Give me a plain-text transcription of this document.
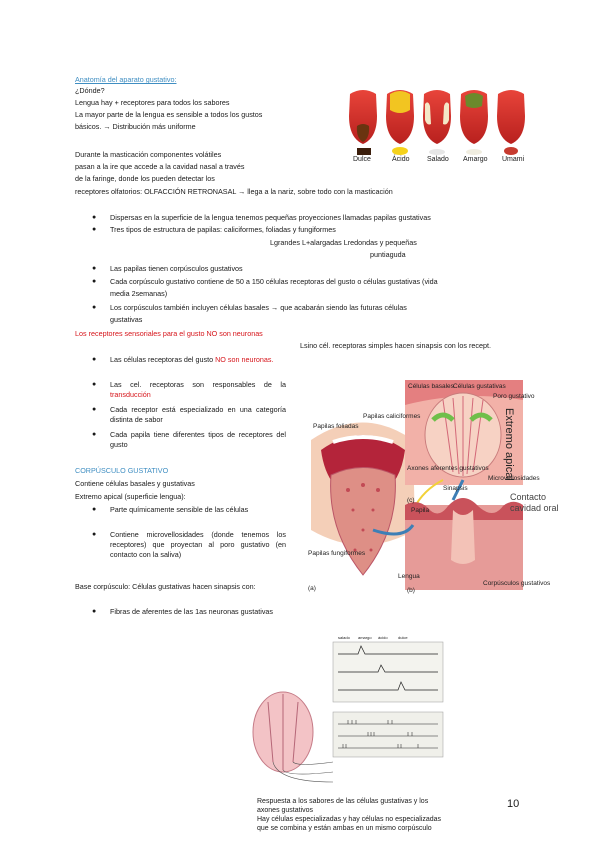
Anatomía del aparato gustativo:
¿Dónde?
Lengua hay + receptores para todos los sabores
La mayor parte de la lengua es sensible a todos los gustos
básicos. → Distribución más uniforme
Durante la masticación componentes volátiles
pasan a la ire que accede a la cavidad nasal a través
de la faringe, donde los pueden detectar los
receptores olfatorios: OLFACCIÓN RETRONASAL → llega a la nariz, sobre todo con la masticación
Dulce	Ácido Salado Amargo Umami
● Dispersas en la superficie de la lengua tenemos pequeñas proyecciones llamadas papilas gustativas
● Tres tipos de estructura de papilas: caliciformes, foliadas y fungiformes
Lgrandes L+alargadas Lredondas y pequeñas
puntiaguda
● Las papilas tienen corpúsculos gustativos
● Cada corpúsculo gustativo contiene de 50 a 150 células receptoras del gusto o células gustativas (vida
media 2semanas)
● Los corpúsculos también incluyen células basales → que acabarán siendo las futuras células
gustativas
Los receptores sensoriales para el gusto NO son neuronas
Lsino cél. receptoras simples hacen sinapsis con los recept.
● Las células receptoras del gusto NO son neuronas.
● Las cel. receptoras son responsables de la transducción
● Cada receptor está especializado en una categoría distinta de sabor
● Cada papila tiene diferentes tipos de receptores del gusto
CORPÚSCULO GUSTATIVO
Contiene células basales y gustativas
Extremo apical (superficie lengua):
● Parte químicamente sensible de las células
● Contiene microvellosidades (donde tenemos los receptores) que proyectan al poro gustativo (en contacto con la saliva)
Base corpúsculo: Células gustativas hacen sinapsis con:
● Fibras de aferentes de las 1as neuronas gustativas
Papilas foliadas
Papilas caliciformes
Papilas fungiformes
Lengua
Células basales Células gustativas
Poro gustativo
Axones aferentes gustativos
Sinapsis
Microvellosidades
Papila
Corpúsculos gustativos
(a)	(b)
(c)
Extremo apical
Contacto
cavidad oral
salado amargo ácido	dulce
Respuesta a los sabores de las células gustativas y los
axones gustativos
Hay células especializadas y hay células no especializadas
que se combina y están ambas en un mismo corpúsculo
10
